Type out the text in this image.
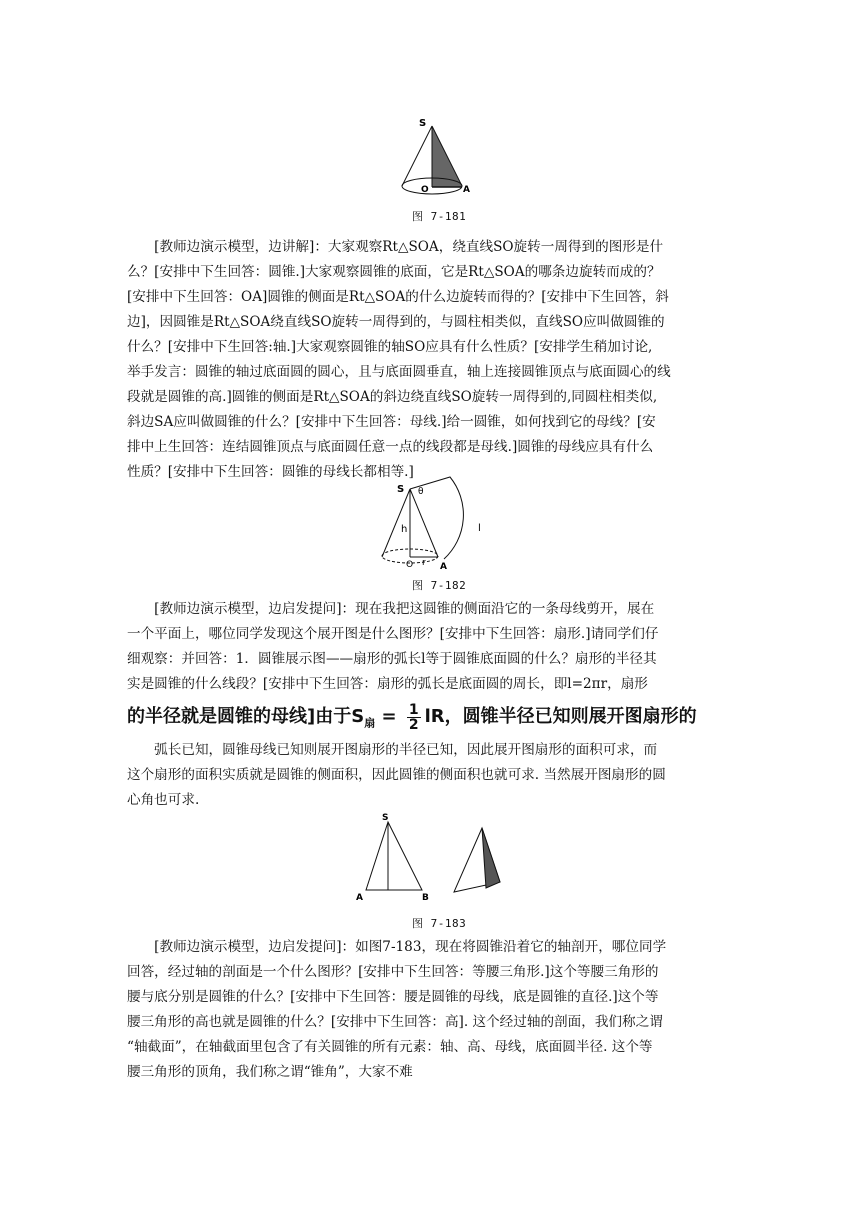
S
O	A
图 7-181

　　[教师边演示模型，边讲解]：大家观察Rt△SOA，绕直线SO旋转一周得到的图形是什
么？[安排中下生回答：圆锥.]大家观察圆锥的底面，它是Rt△SOA的哪条边旋转而成的？
[安排中下生回答：OA]圆锥的侧面是Rt△SOA的什么边旋转而得的？[安排中下生回答，斜
边]，因圆锥是Rt△SOA绕直线SO旋转一周得到的，与圆柱相类似，直线SO应叫做圆锥的
什么？[安排中下生回答:轴.]大家观察圆锥的轴SO应具有什么性质？[安排学生稍加讨论,
举手发言：圆锥的轴过底面圆的圆心，且与底面圆垂直，轴上连接圆锥顶点与底面圆心的线
段就是圆锥的高.]圆锥的侧面是Rt△SOA的斜边绕直线SO旋转一周得到的,同圆柱相类似,
斜边SA应叫做圆锥的什么？[安排中下生回答：母线.]给一圆锥，如何找到它的母线？[安
排中上生回答：连结圆锥顶点与底面圆任意一点的线段都是母线.]圆锥的母线应具有什么
性质？[安排中下生回答：圆锥的母线长都相等.]

S θ
h	l
O r A
图 7-182

　　[教师边演示模型，边启发提问]：现在我把这圆锥的侧面沿它的一条母线剪开，展在
一个平面上，哪位同学发现这个展开图是什么图形？[安排中下生回答：扇形.]请同学们仔
细观察：并回答：1．圆锥展示图——扇形的弧长l等于圆锥底面圆的什么？扇形的半径其
实是圆锥的什么线段？[安排中下生回答：扇形的弧长是底面圆的周长，即l=2πr，扇形

的半径就是圆锥的母线]由于$S_扇 = \frac{1}{2}$ lR，圆锥半径已知则展开图扇形的

　　弧长已知，圆锥母线已知则展开图扇形的半径已知，因此展开图扇形的面积可求，而
这个扇形的面积实质就是圆锥的侧面积，因此圆锥的侧面积也就可求. 当然展开图扇形的圆
心角也可求.

S
A	B
图 7-183

　　[教师边演示模型，边启发提问]：如图7-183，现在将圆锥沿着它的轴剖开，哪位同学
回答，经过轴的剖面是一个什么图形？[安排中下生回答：等腰三角形.]这个等腰三角形的
腰与底分别是圆锥的什么？[安排中下生回答：腰是圆锥的母线，底是圆锥的直径.]这个等
腰三角形的高也就是圆锥的什么？[安排中下生回答：高]. 这个经过轴的剖面，我们称之谓
“轴截面”，在轴截面里包含了有关圆锥的所有元素：轴、高、母线，底面圆半径. 这个等
腰三角形的顶角，我们称之谓“锥角”，大家不难
